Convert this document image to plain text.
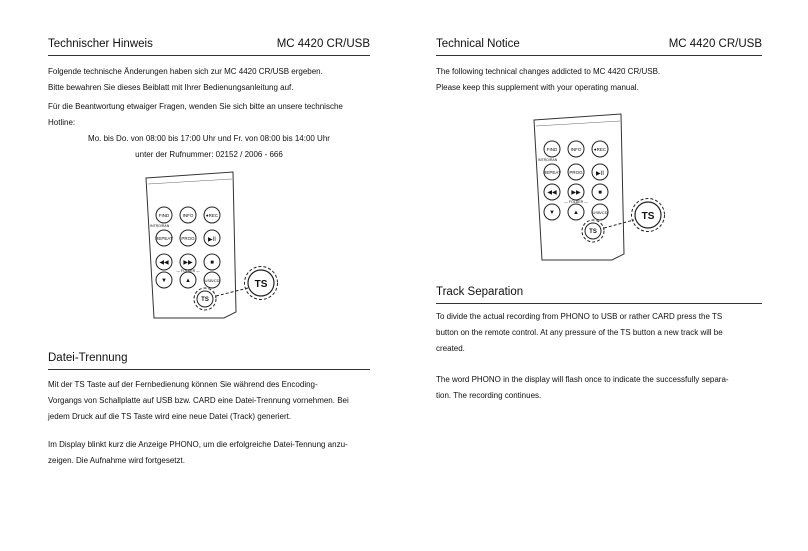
Technischer Hinweis	MC 4420 CR/USB

Folgende technische Änderungen haben sich zur MC 4420 CR/USB ergeben.

Bitte bewahren Sie dieses Beiblatt mit Ihrer Bedienungsanleitung auf.

Für die Beantwortung etwaiger Fragen, wenden Sie sich bitte an unsere technische

Hotline:

Mo. bis Do. von 08:00 bis 17:00 Uhr und Fr. von 08:00 bis 14:00 Uhr

unter der Rufnummer: 02152 / 2006 - 666

FIND	INFO	●REC
REPEAT PROG ▶II
◀◀ ▶▶	■
▼	▲	USB/CD
INTRO/RAN
— FOLDER —
TS
TS
Datei-Trennung

Mit der TS Taste auf der Fernbedienung können Sie während des Encoding-

Vorgangs von Schallplatte auf USB bzw. CARD eine Datei-Trennung vornehmen. Bei

jedem Druck auf die TS Taste wird eine neue Datei (Track) generiert.

Im Display blinkt kurz die Anzeige PHONO, um die erfolgreiche Datei-Tennung anzu-

zeigen. Die Aufnahme wird fortgesetzt.

Technical Notice	MC 4420 CR/USB

The following technical changes addicted to MC 4420 CR/USB.

Please keep this supplement with your operating manual.

FIND	INFO	●REC
REPEAT PROG ▶II
◀◀ ▶▶	■
▼	▲	USB/CD
INTRO/RAN
— FOLDER —
TS
TS
Track Separation

To divide the actual recording from PHONO to USB or rather CARD press the TS

button on the remote control. At any pressure of the TS button a new track will be

created.

The word PHONO in the display will flash once to indicate the successfully separa-

tion. The recording continues.
